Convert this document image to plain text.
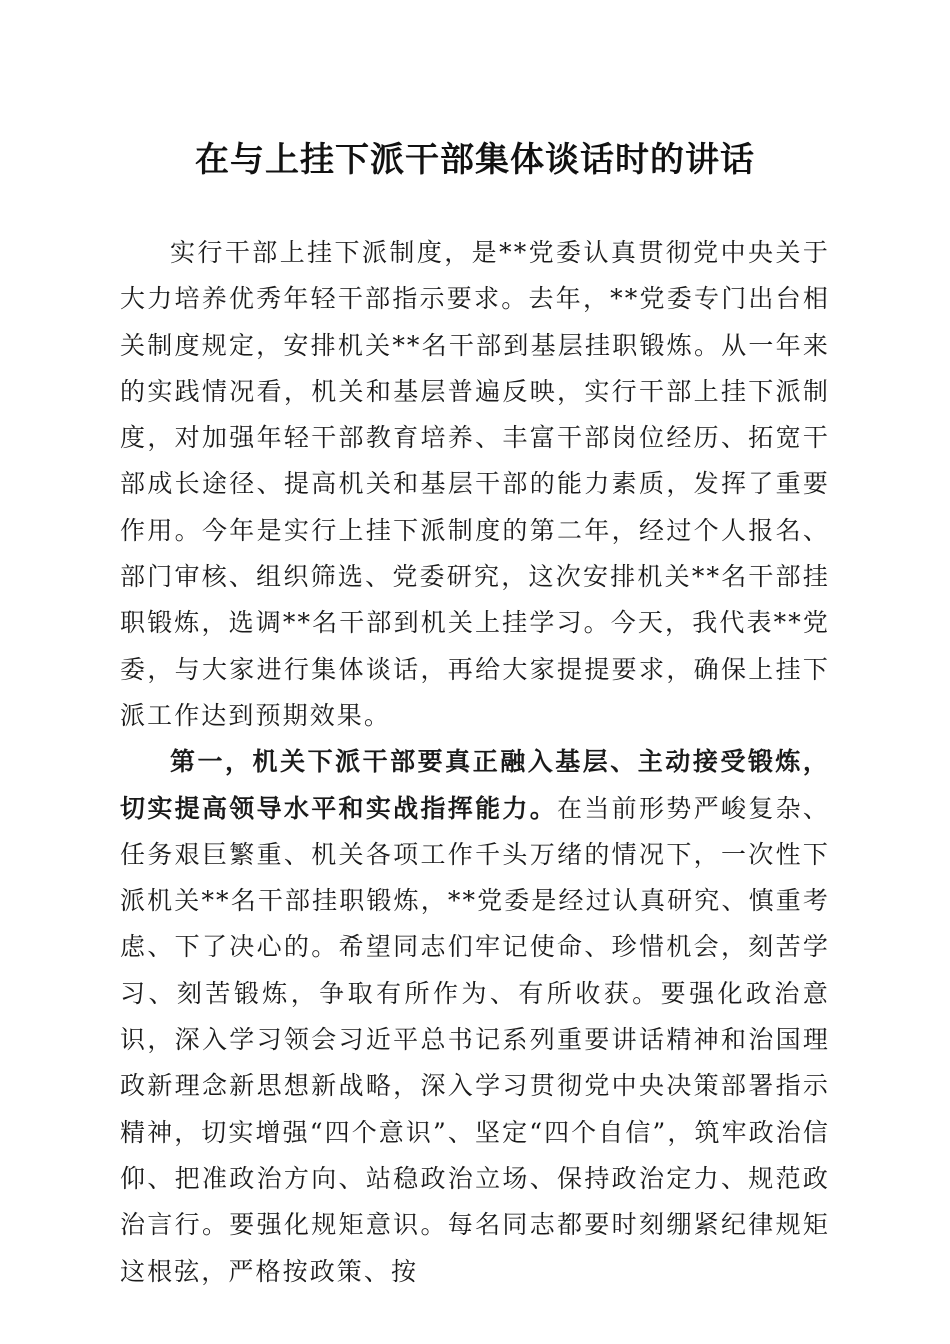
在与上挂下派干部集体谈话时的讲话

实行干部上挂下派制度，是**党委认真贯彻党中央关于大力培养优秀年轻干部指示要求。去年，**党委专门出台相关制度规定，安排机关**名干部到基层挂职锻炼。从一年来的实践情况看，机关和基层普遍反映，实行干部上挂下派制度，对加强年轻干部教育培养、丰富干部岗位经历、拓宽干部成长途径、提高机关和基层干部的能力素质，发挥了重要作用。今年是实行上挂下派制度的第二年，经过个人报名、部门审核、组织筛选、党委研究，这次安排机关**名干部挂职锻炼，选调**名干部到机关上挂学习。今天，我代表**党委，与大家进行集体谈话，再给大家提提要求，确保上挂下派工作达到预期效果。

第一，机关下派干部要真正融入基层、主动接受锻炼，切实提高领导水平和实战指挥能力。在当前形势严峻复杂、任务艰巨繁重、机关各项工作千头万绪的情况下，一次性下派机关**名干部挂职锻炼，**党委是经过认真研究、慎重考虑、下了决心的。希望同志们牢记使命、珍惜机会，刻苦学习、刻苦锻炼，争取有所作为、有所收获。要强化政治意识，深入学习领会习近平总书记系列重要讲话精神和治国理政新理念新思想新战略，深入学习贯彻党中央决策部署指示精神，切实增强“四个意识”、坚定“四个自信”，筑牢政治信仰、把准政治方向、站稳政治立场、保持政治定力、规范政治言行。要强化规矩意识。每名同志都要时刻绷紧纪律规矩这根弦，严格按政策、按
